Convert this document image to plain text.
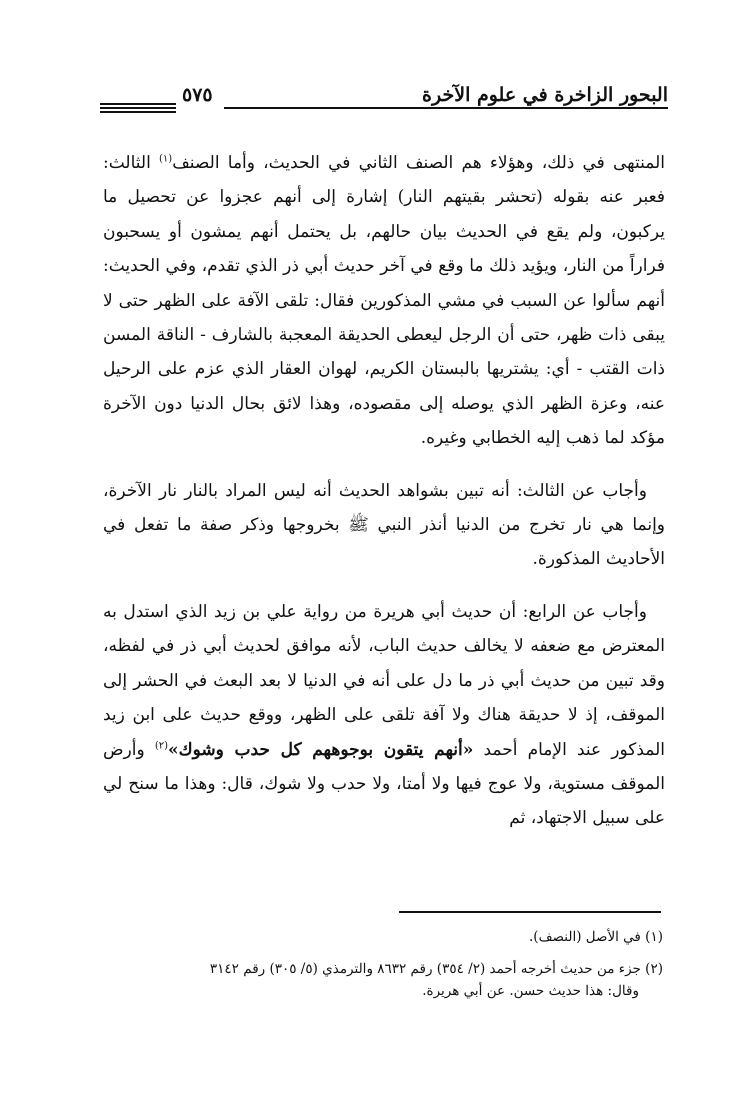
البحور الزاخرة في علوم الآخرة
٥٧٥

المنتهى في ذلك، وهؤلاء هم الصنف الثاني في الحديث، وأما الصنف$^{(١)}$ الثالث: فعبر عنه بقوله (تحشر بقيتهم النار) إشارة إلى أنهم عجزوا عن تحصيل ما يركبون، ولم يقع في الحديث بيان حالهم، بل يحتمل أنهم يمشون أو يسحبون فراراً من النار، ويؤيد ذلك ما وقع في آخر حديث أبي ذر الذي تقدم، وفي الحديث: أنهم سألوا عن السبب في مشي المذكورين فقال: تلقى الآفة على الظهر حتى لا يبقى ذات ظهر، حتى أن الرجل ليعطى الحديقة المعجبة بالشارف - الناقة المسن ذات القتب - أي: يشتريها بالبستان الكريم، لهوان العقار الذي عزم على الرحيل عنه، وعزة الظهر الذي يوصله إلى مقصوده، وهذا لائق بحال الدنيا دون الآخرة مؤكد لما ذهب إليه الخطابي وغيره.

وأجاب عن الثالث: أنه تبين بشواهد الحديث أنه ليس المراد بالنار نار الآخرة، وإنما هي نار تخرج من الدنيا أنذر النبي ﷺ بخروجها وذكر صفة ما تفعل في الأحاديث المذكورة.

وأجاب عن الرابع: أن حديث أبي هريرة من رواية علي بن زيد الذي استدل به المعترض مع ضعفه لا يخالف حديث الباب، لأنه موافق لحديث أبي ذر في لفظه، وقد تبين من حديث أبي ذر ما دل على أنه في الدنيا لا بعد البعث في الحشر إلى الموقف، إذ لا حديقة هناك ولا آفة تلقى على الظهر، ووقع حديث على ابن زيد المذكور عند الإمام أحمد «أنهم يتقون بوجوههم كل حدب وشوك»$^{(٢)}$ وأرض الموقف مستوية، ولا عوج فيها ولا أمتا، ولا حدب ولا شوك، قال: وهذا ما سنح لي على سبيل الاجتهاد، ثم

(١) في الأصل (النصف).

(٢) جزء من حديث أخرجه أحمد (٢/ ٣٥٤) رقم ٨٦٣٢ والترمذي (٥/ ٣٠٥) رقم ٣١٤٢

وقال: هذا حديث حسن. عن أبي هريرة.
